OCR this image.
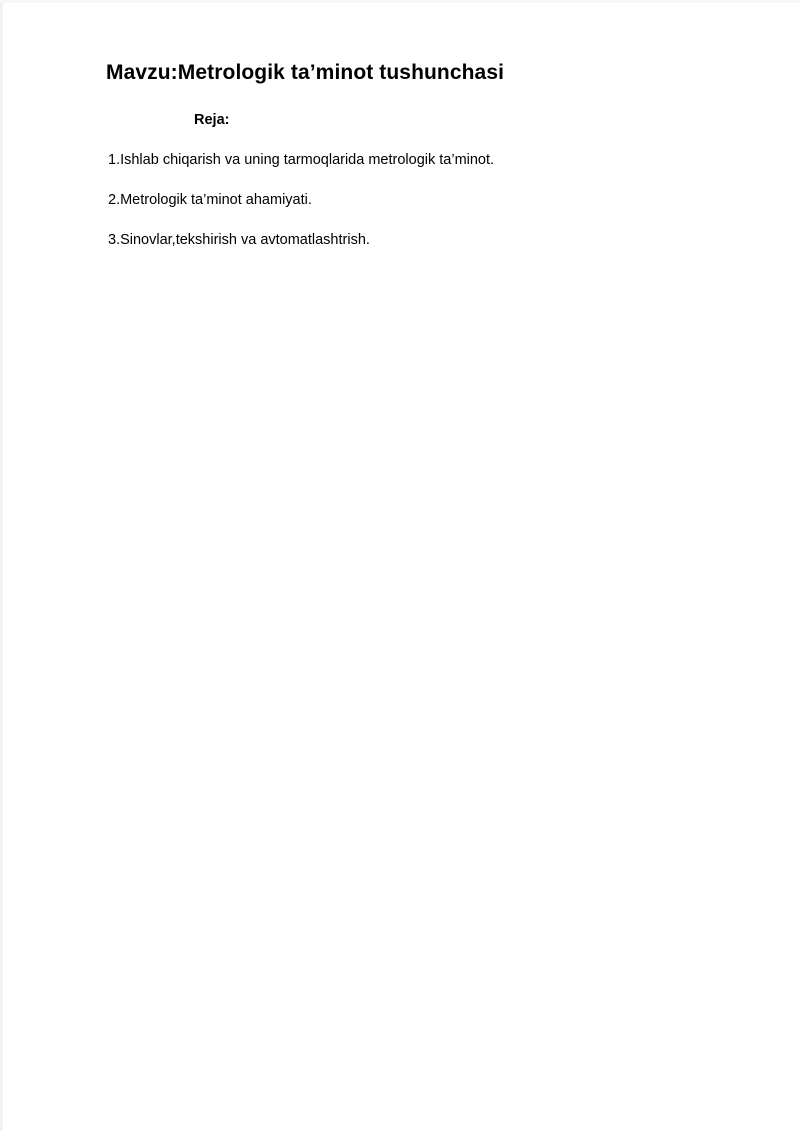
Mavzu:Metrologik ta’minot tushunchasi
Reja:
1.Ishlab chiqarish va uning tarmoqlarida metrologik ta’minot.
2.Metrologik ta’minot ahamiyati.
3.Sinovlar,tekshirish va avtomatlashtrish.
